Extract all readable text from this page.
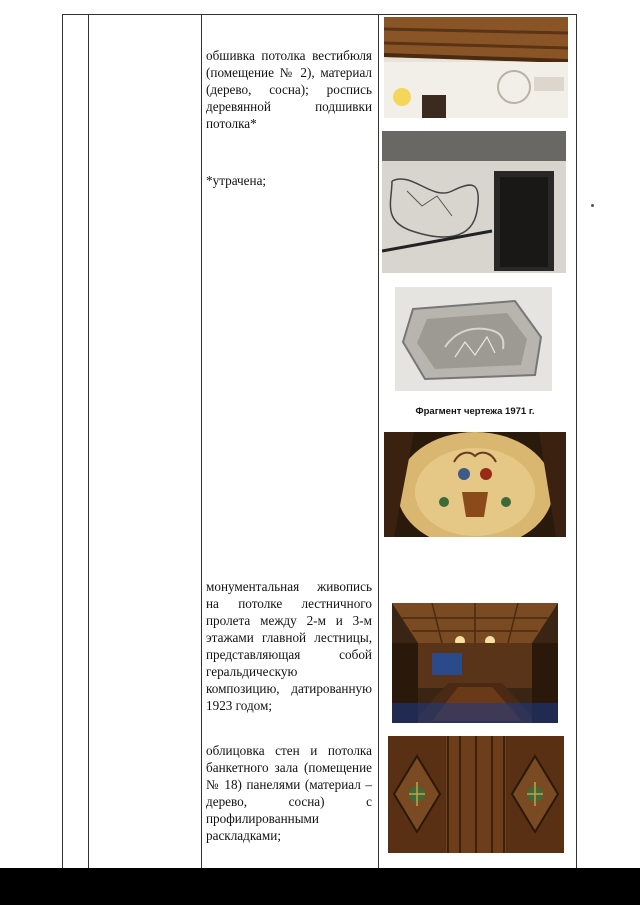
обшивка потолка вестибюля (помещение № 2), материал (дерево, сосна); роспись деревянной подшивки потолка*
*утрачена;
монументальная живопись на потолке лестничного пролета между 2-м и 3-м этажами главной лестницы, представляющая собой геральдическую композицию, датированную 1923 годом;
облицовка стен и потолка банкетного зала (помещение № 18) панелями (материал – дерево, сосна) с профилированными раскладками;
Фрагмент чертежа 1971 г.
